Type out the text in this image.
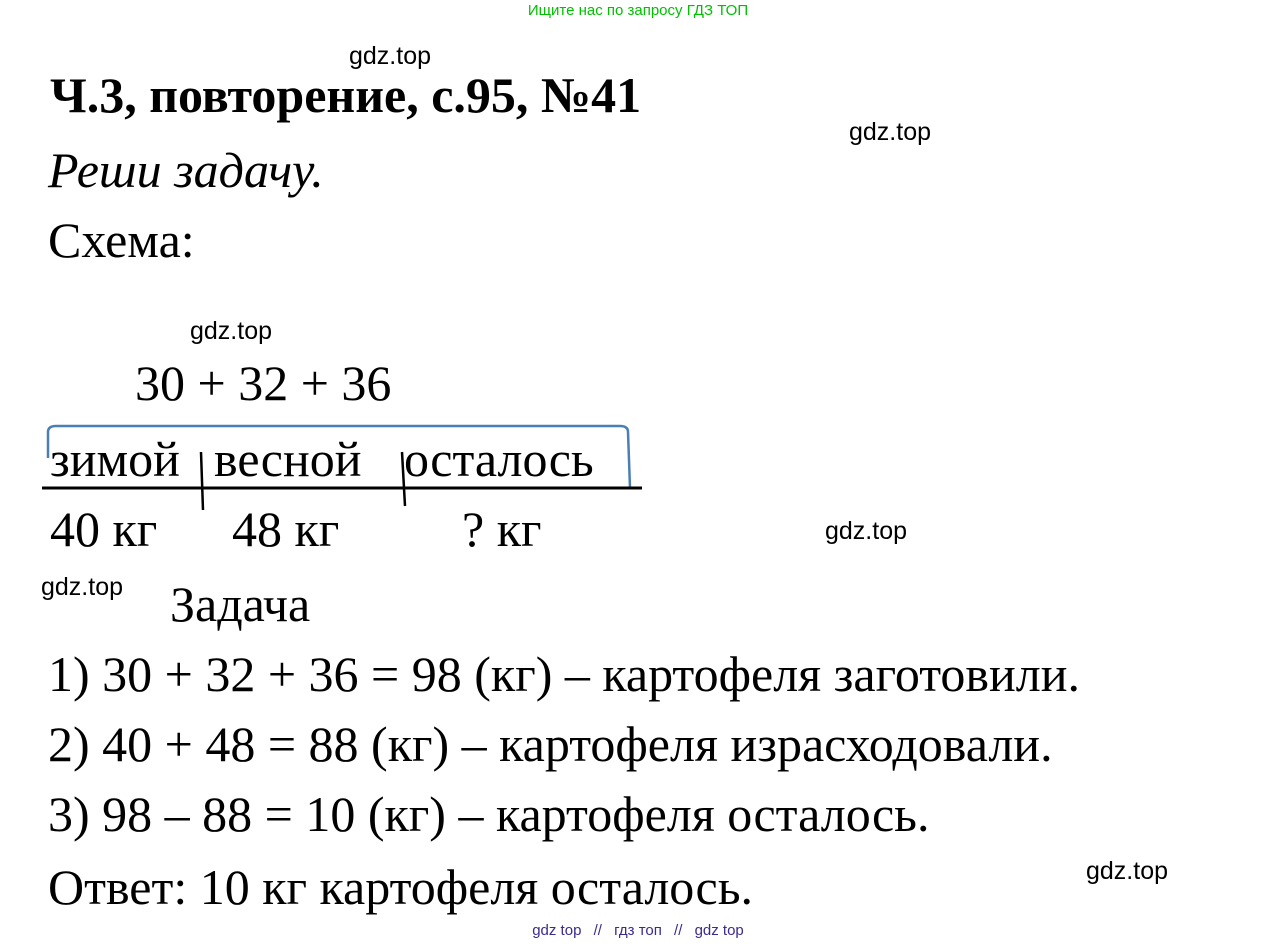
Ищите нас по запросу ГДЗ ТОП
gdz.top
gdz.top
gdz.top
gdz.top
gdz.top
gdz.top
Ч.3, повторение, с.95, №41
Реши задачу.
Схема:
30 + 32 + 36
зимой весной осталось
40 кг 48 кг ? кг
Задача
1) 30 + 32 + 36 = 98 (кг) – картофеля заготовили.
2) 40 + 48 = 88 (кг) – картофеля израсходовали.
3) 98 – 88 = 10 (кг) – картофеля осталось.
Ответ: 10 кг картофеля осталось.
gdz top // гдз топ // gdz top
